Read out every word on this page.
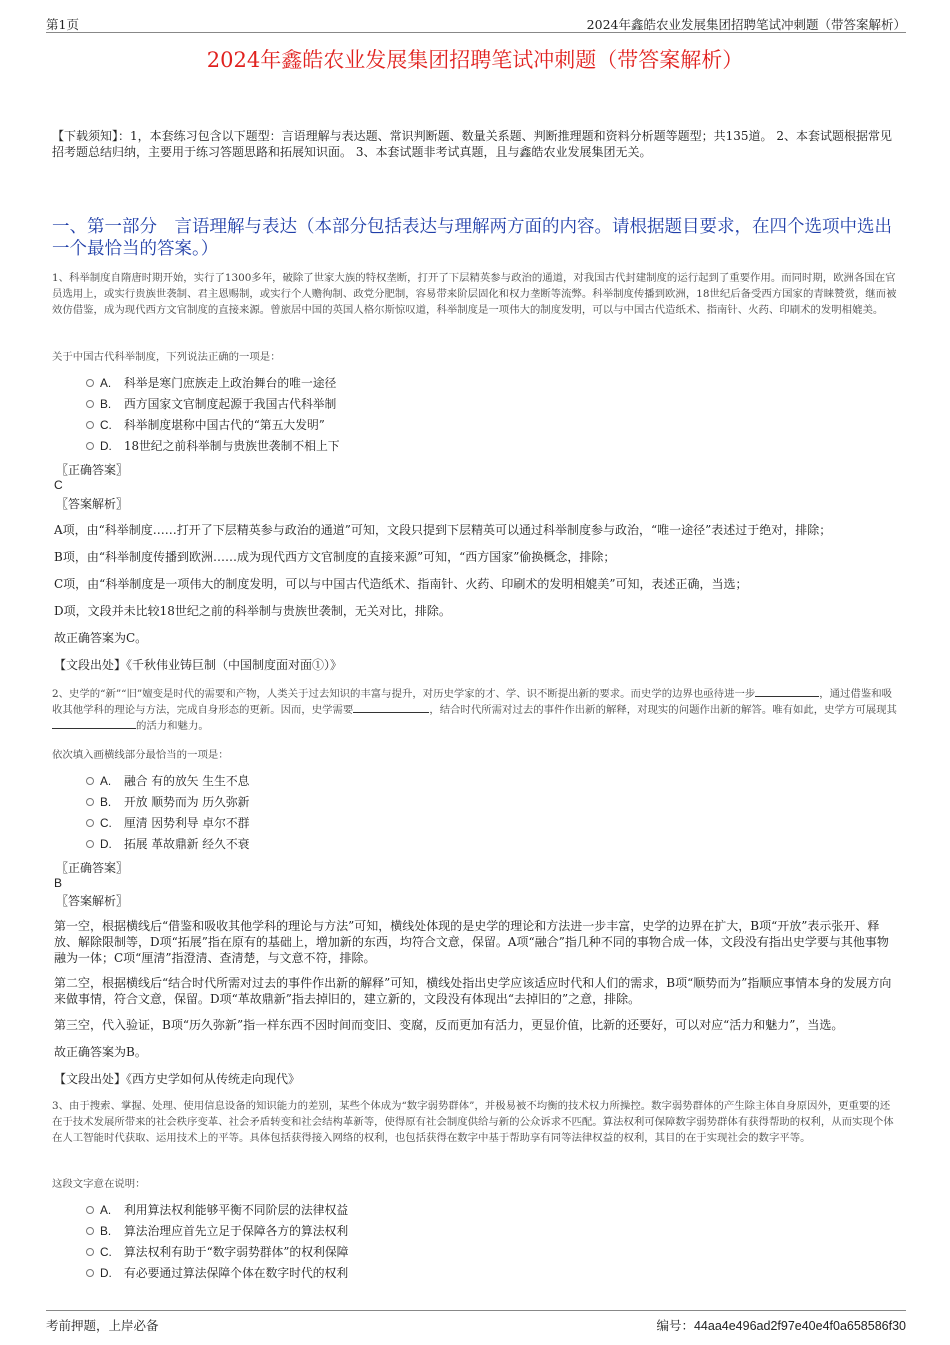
第1页	2024年鑫皓农业发展集团招聘笔试冲刺题（带答案解析）
2024年鑫皓农业发展集团招聘笔试冲刺题（带答案解析）
【下载须知】：1，本套练习包含以下题型：言语理解与表达题、常识判断题、数量关系题、判断推理题和资料分析题等题型；共135道。 2、本套试题根据常见招考题总结归纳，主要用于练习答题思路和拓展知识面。 3、本套试题非考试真题，且与鑫皓农业发展集团无关。
一、第一部分　言语理解与表达（本部分包括表达与理解两方面的内容。请根据题目要求，在四个选项中选出一个最恰当的答案。）
1、科举制度自隋唐时期开始，实行了1300多年，破除了世家大族的特权垄断，打开了下层精英参与政治的通道，对我国古代封建制度的运行起到了重要作用。而同时期，欧洲各国在官员选用上，或实行贵族世袭制、君主恩赐制，或实行个人赡徇制、政党分肥制，容易带来阶层固化和权力垄断等流弊。科举制度传播到欧洲，18世纪后备受西方国家的青睐赞赏，继而被效仿借鉴，成为现代西方文官制度的直接来源。曾旅居中国的英国人格尔斯惊叹道，科举制度是一项伟大的制度发明，可以与中国古代造纸术、指南针、火药、印刷术的发明相媲美。
关于中国古代科举制度，下列说法正确的一项是：
A. 科举是寒门庶族走上政治舞台的唯一途径
B. 西方国家文官制度起源于我国古代科举制
C. 科举制度堪称中国古代的“第五大发明”
D. 18世纪之前科举制与贵族世袭制不相上下
〖正确答案〗
C
〖答案解析〗
A项，由“科举制度……打开了下层精英参与政治的通道”可知，文段只提到下层精英可以通过科举制度参与政治，“唯一途径”表述过于绝对，排除；
B项，由“科举制度传播到欧洲……成为现代西方文官制度的直接来源”可知，“西方国家”偷换概念，排除；
C项，由“科举制度是一项伟大的制度发明，可以与中国古代造纸术、指南针、火药、印刷术的发明相媲美”可知，表述正确，当选；
D项，文段并未比较18世纪之前的科举制与贵族世袭制，无关对比，排除。
故正确答案为C。
【文段出处】《千秋伟业铸巨制（中国制度面对面①）》
2、史学的“新”“旧”嬗变是时代的需要和产物，人类关于过去知识的丰富与提升，对历史学家的才、学、识不断提出新的要求。而史学的边界也亟待进一步	，通过借鉴和吸收其他学科的理论与方法，完成自身形态的更新。因而，史学需要	，结合时代所需对过去的事件作出新的解释，对现实的问题作出新的解答。唯有如此，史学方可展现其的活力和魅力。
依次填入画横线部分最恰当的一项是：
A. 融合 有的放矢 生生不息
B. 开放 顺势而为 历久弥新
C. 厘清 因势利导 卓尔不群
D. 拓展 革故鼎新 经久不衰
〖正确答案〗
B
〖答案解析〗
第一空，根据横线后“借鉴和吸收其他学科的理论与方法”可知，横线处体现的是史学的理论和方法进一步丰富，史学的边界在扩大，B项“开放”表示张开、释放、解除限制等，D项“拓展”指在原有的基础上，增加新的东西，均符合文意，保留。A项“融合”指几种不同的事物合成一体，文段没有指出史学要与其他事物融为一体；C项“厘清”指澄清、查清楚，与文意不符，排除。
第二空，根据横线后“结合时代所需对过去的事件作出新的解释”可知，横线处指出史学应该适应时代和人们的需求，B项“顺势而为”指顺应事情本身的发展方向来做事情，符合文意，保留。D项“革故鼎新”指去掉旧的，建立新的，文段没有体现出“去掉旧的”之意，排除。
第三空，代入验证，B项“历久弥新”指一样东西不因时间而变旧、变腐，反而更加有活力，更显价值，比新的还要好，可以对应“活力和魅力”，当选。
故正确答案为B。
【文段出处】《西方史学如何从传统走向现代》
3、由于搜索、掌握、处理、使用信息设备的知识能力的差别，某些个体成为“数字弱势群体”，并极易被不均衡的技术权力所操控。数字弱势群体的产生除主体自身原因外，更重要的还在于技术发展所带来的社会秩序变革、社会矛盾转变和社会结构革新等，使得原有社会制度供给与新的公众诉求不匹配。算法权利可保障数字弱势群体有获得帮助的权利，从而实现个体在人工智能时代获取、运用技术上的平等。具体包括获得接入网络的权利，也包括获得在数字中基于帮助享有同等法律权益的权利，其目的在于实现社会的数字平等。
这段文字意在说明：
A. 利用算法权利能够平衡不同阶层的法律权益
B. 算法治理应首先立足于保障各方的算法权利
C. 算法权利有助于“数字弱势群体”的权利保障
D. 有必要通过算法保障个体在数字时代的权利
考前押题，上岸必备	编号：44aa4e496ad2f97e40e4f0a658586f30
